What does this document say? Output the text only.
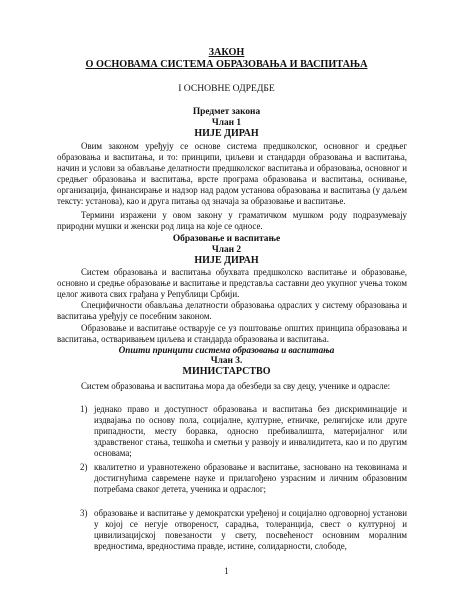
ЗАКОН
О ОСНОВАМА СИСТЕМА ОБРАЗОВАЊА И ВАСПИТАЊА
I ОСНОВНЕ ОДРЕДБЕ
Предмет закона
Члан 1
НИЈЕ ДИРАН
Овим законом уређују се основе система предшколског, основног и средњег образовања и васпитања, и то: принципи, циљеви и стандарди образовања и васпитања, начин и услови за обављање делатности предшколског васпитања и образовања, основног и средњег образовања и васпитања, врсте програма образовања и васпитања, оснивање, организација, финансирање и надзор над радом установа образовања и васпитања (у даљем тексту: установа), као и друга питања од значаја за образовање и васпитање.
Термини изражени у овом закону у граматичком мушком роду подразумевају природни мушки и женски род лица на које се односе.
Образовање и васпитање
Члан 2
НИЈЕ ДИРАН
Систем образовања и васпитања обухвата предшколско васпитање и образовање, основно и средње образовање и васпитање и представља саставни део укупног учења током целог живота свих грађана у Републици Србији.
Специфичности обављања делатности образовања одраслих у систему образовања и васпитања уређују се посебним законом.
Образовање и васпитање остварује се уз поштовање општих принципа образовања и васпитања, остваривањем циљева и стандарда образовања и васпитања.
Општи принципи система образовања и васпитања
Члан 3.
МИНИСТАРСТВО
Систем образовања и васпитања мора да обезбеди за сву децу, ученике и одрасле:
1) једнако право и доступност образовања и васпитања без дискриминације и издвајања по основу пола, социјалне, културне, етничке, религијске или друге припадности, месту боравка, односно пребивалишта, материјалног или здравственог стања, тешкоћа и сметњи у развоју и инвалидитета, као и по другим основама;
2) квалитетно и уравнотежено образовање и васпитање, засновано на тековинама и достигнућима савремене науке и прилагођено узрасним и личним образовним потребама сваког детета, ученика и одраслог;
3) образовање и васпитање у демократски уређеној и социјално одговорној установи у којој се негује отвореност, сарадња, толеранција, свест о културној и цивилизацијској повезаности у свету, посвећеност основним моралним вредностима, вредностима правде, истине, солидарности, слободе,
1
